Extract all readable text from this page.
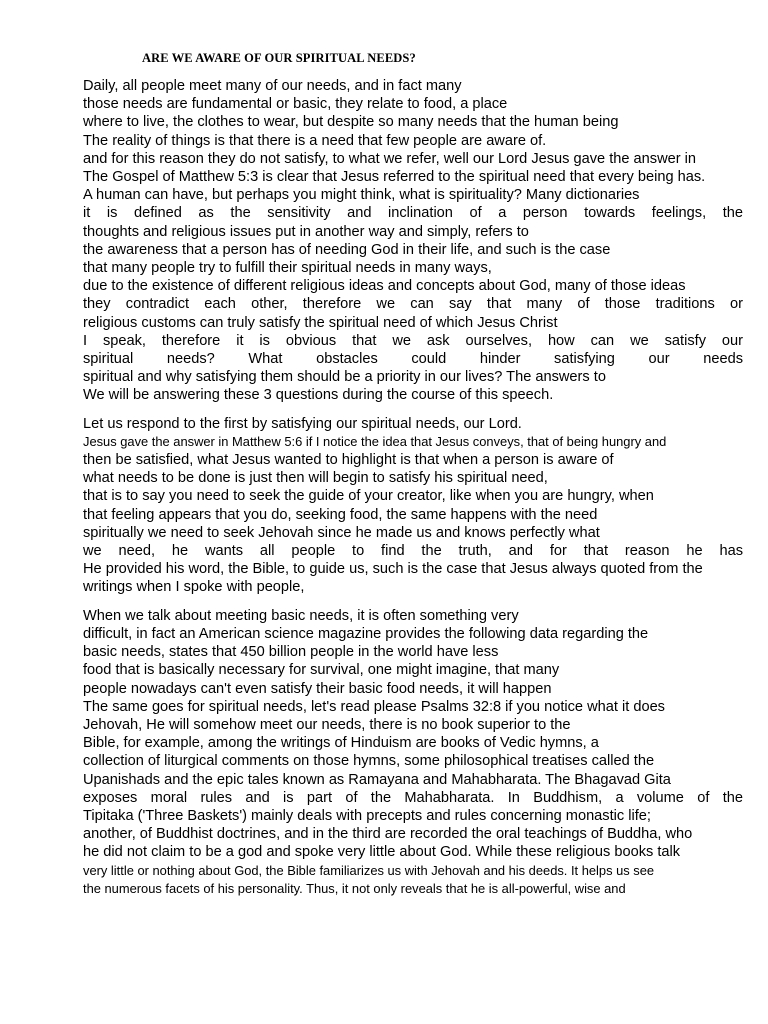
ARE WE AWARE OF OUR SPIRITUAL NEEDS?

Daily, all people meet many of our needs, and in fact many
those needs are fundamental or basic, they relate to food, a place
where to live, the clothes to wear, but despite so many needs that the human being
The reality of things is that there is a need that few people are aware of.
and for this reason they do not satisfy, to what we refer, well our Lord Jesus gave the answer in
The Gospel of Matthew 5:3 is clear that Jesus referred to the spiritual need that every being has.
A human can have, but perhaps you might think, what is spirituality? Many dictionaries
it is defined as the sensitivity and inclination of a person towards feelings, the
thoughts and religious issues put in another way and simply, refers to
the awareness that a person has of needing God in their life, and such is the case
that many people try to fulfill their spiritual needs in many ways,
due to the existence of different religious ideas and concepts about God, many of those ideas
they contradict each other, therefore we can say that many of those traditions or
religious customs can truly satisfy the spiritual need of which Jesus Christ
I speak, therefore it is obvious that we ask ourselves, how can we satisfy our
spiritual needs? What obstacles could hinder satisfying our needs
spiritual and why satisfying them should be a priority in our lives? The answers to
We will be answering these 3 questions during the course of this speech.

Let us respond to the first by satisfying our spiritual needs, our Lord.
Jesus gave the answer in Matthew 5:6 if I notice the idea that Jesus conveys, that of being hungry and
then be satisfied, what Jesus wanted to highlight is that when a person is aware of
what needs to be done is just then will begin to satisfy his spiritual need,
that is to say you need to seek the guide of your creator, like when you are hungry, when
that feeling appears that you do, seeking food, the same happens with the need
spiritually we need to seek Jehovah since he made us and knows perfectly what
we need, he wants all people to find the truth, and for that reason he has
He provided his word, the Bible, to guide us, such is the case that Jesus always quoted from the
writings when I spoke with people,

When we talk about meeting basic needs, it is often something very
difficult, in fact an American science magazine provides the following data regarding the
basic needs, states that 450 billion people in the world have less
food that is basically necessary for survival, one might imagine, that many
people nowadays can't even satisfy their basic food needs, it will happen
The same goes for spiritual needs, let's read please Psalms 32:8 if you notice what it does
Jehovah, He will somehow meet our needs, there is no book superior to the
Bible, for example, among the writings of Hinduism are books of Vedic hymns, a
collection of liturgical comments on those hymns, some philosophical treatises called the
Upanishads and the epic tales known as Ramayana and Mahabharata. The Bhagavad Gita
exposes moral rules and is part of the Mahabharata. In Buddhism, a volume of the
Tipitaka ('Three Baskets') mainly deals with precepts and rules concerning monastic life;
another, of Buddhist doctrines, and in the third are recorded the oral teachings of Buddha, who
he did not claim to be a god and spoke very little about God. While these religious books talk
very little or nothing about God, the Bible familiarizes us with Jehovah and his deeds. It helps us see
the numerous facets of his personality. Thus, it not only reveals that he is all-powerful, wise and
